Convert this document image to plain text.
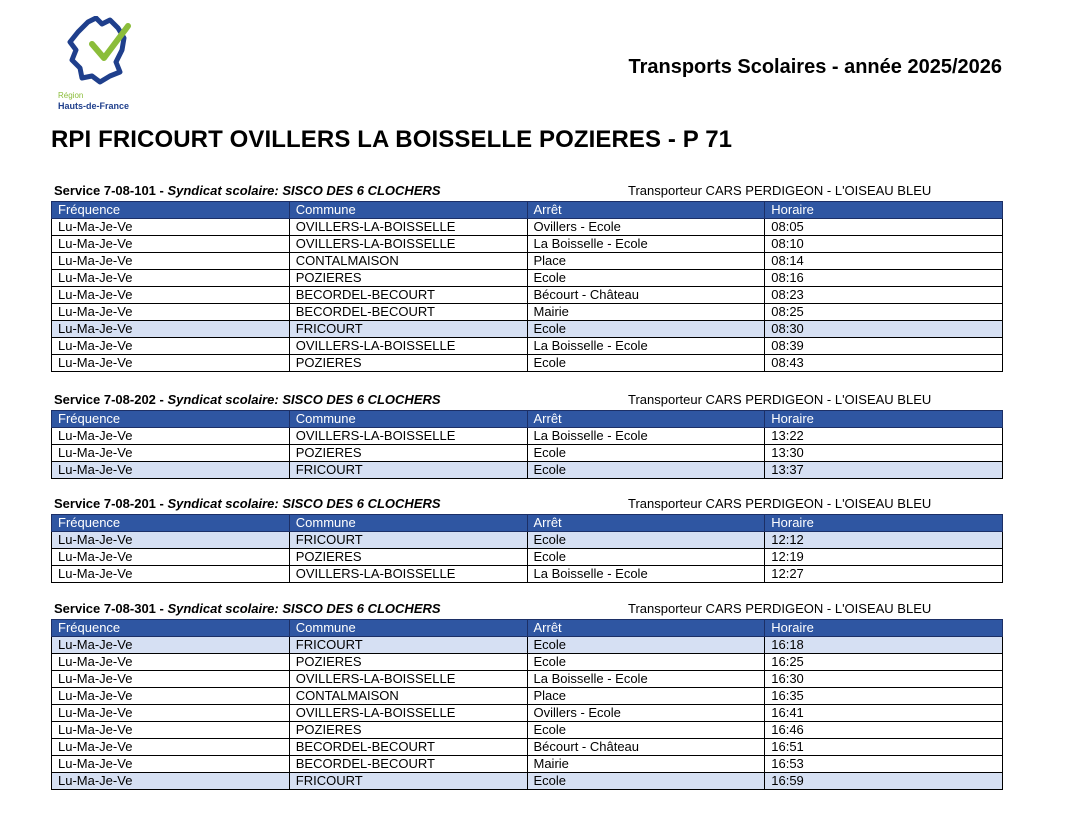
Région
Hauts-de-France
Transports Scolaires - année 2025/2026
RPI FRICOURT OVILLERS LA BOISSELLE POZIERES - P 71
Service 7-08-101 - Syndicat scolaire: SISCO DES 6 CLOCHERS	Transporteur CARS PERDIGEON - L'OISEAU BLEU
Fréquence	Commune	Arrêt	Horaire
Lu-Ma-Je-Ve	OVILLERS-LA-BOISSELLE	Ovillers - Ecole	08:05
Lu-Ma-Je-Ve	OVILLERS-LA-BOISSELLE	La Boisselle - Ecole	08:10
Lu-Ma-Je-Ve	CONTALMAISON	Place	08:14
Lu-Ma-Je-Ve	POZIERES	Ecole	08:16
Lu-Ma-Je-Ve	BECORDEL-BECOURT	Bécourt - Château	08:23
Lu-Ma-Je-Ve	BECORDEL-BECOURT	Mairie	08:25
Lu-Ma-Je-Ve	FRICOURT	Ecole	08:30
Lu-Ma-Je-Ve	OVILLERS-LA-BOISSELLE	La Boisselle - Ecole	08:39
Lu-Ma-Je-Ve	POZIERES	Ecole	08:43
Service 7-08-202 - Syndicat scolaire: SISCO DES 6 CLOCHERS	Transporteur CARS PERDIGEON - L'OISEAU BLEU
Fréquence	Commune	Arrêt	Horaire
Lu-Ma-Je-Ve	OVILLERS-LA-BOISSELLE	La Boisselle - Ecole	13:22
Lu-Ma-Je-Ve	POZIERES	Ecole	13:30
Lu-Ma-Je-Ve	FRICOURT	Ecole	13:37
Service 7-08-201 - Syndicat scolaire: SISCO DES 6 CLOCHERS	Transporteur CARS PERDIGEON - L'OISEAU BLEU
Fréquence	Commune	Arrêt	Horaire
Lu-Ma-Je-Ve	FRICOURT	Ecole	12:12
Lu-Ma-Je-Ve	POZIERES	Ecole	12:19
Lu-Ma-Je-Ve	OVILLERS-LA-BOISSELLE	La Boisselle - Ecole	12:27
Service 7-08-301 - Syndicat scolaire: SISCO DES 6 CLOCHERS	Transporteur CARS PERDIGEON - L'OISEAU BLEU
Fréquence	Commune	Arrêt	Horaire
Lu-Ma-Je-Ve	FRICOURT	Ecole	16:18
Lu-Ma-Je-Ve	POZIERES	Ecole	16:25
Lu-Ma-Je-Ve	OVILLERS-LA-BOISSELLE	La Boisselle - Ecole	16:30
Lu-Ma-Je-Ve	CONTALMAISON	Place	16:35
Lu-Ma-Je-Ve	OVILLERS-LA-BOISSELLE	Ovillers - Ecole	16:41
Lu-Ma-Je-Ve	POZIERES	Ecole	16:46
Lu-Ma-Je-Ve	BECORDEL-BECOURT	Bécourt - Château	16:51
Lu-Ma-Je-Ve	BECORDEL-BECOURT	Mairie	16:53
Lu-Ma-Je-Ve	FRICOURT	Ecole	16:59
